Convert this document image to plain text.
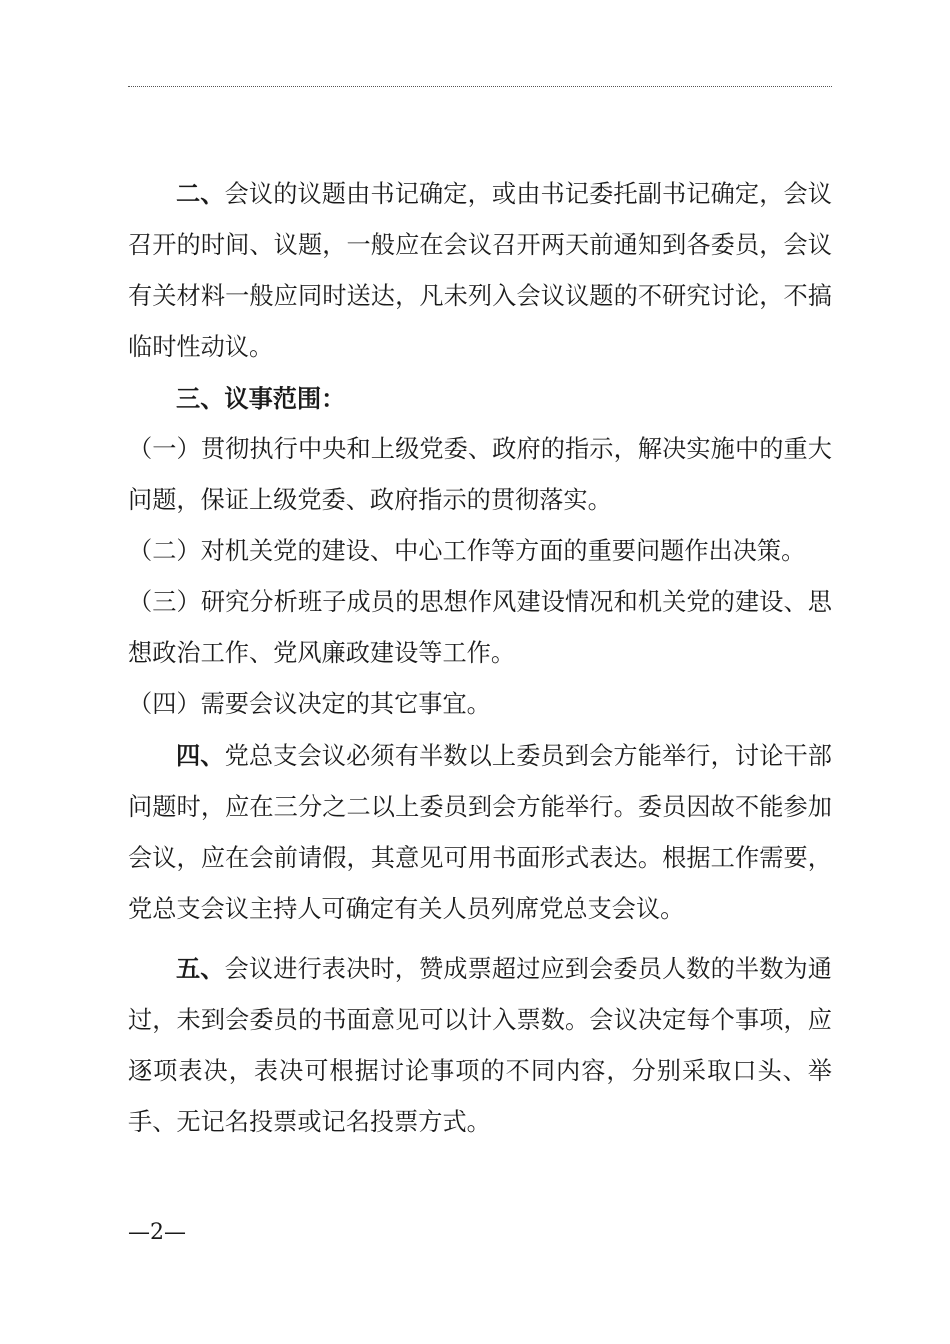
二、会议的议题由书记确定，或由书记委托副书记确定，会议召开的时间、议题，一般应在会议召开两天前通知到各委员，会议有关材料一般应同时送达，凡未列入会议议题的不研究讨论，不搞临时性动议。

三、议事范围：

（一）贯彻执行中央和上级党委、政府的指示，解决实施中的重大问题，保证上级党委、政府指示的贯彻落实。

（二）对机关党的建设、中心工作等方面的重要问题作出决策。

（三）研究分析班子成员的思想作风建设情况和机关党的建设、思想政治工作、党风廉政建设等工作。

（四）需要会议决定的其它事宜。

四、党总支会议必须有半数以上委员到会方能举行，讨论干部问题时，应在三分之二以上委员到会方能举行。委员因故不能参加会议，应在会前请假，其意见可用书面形式表达。根据工作需要，党总支会议主持人可确定有关人员列席党总支会议。

五、会议进行表决时，赞成票超过应到会委员人数的半数为通过，未到会委员的书面意见可以计入票数。会议决定每个事项，应逐项表决，表决可根据讨论事项的不同内容，分别采取口头、举手、无记名投票或记名投票方式。

—2—
